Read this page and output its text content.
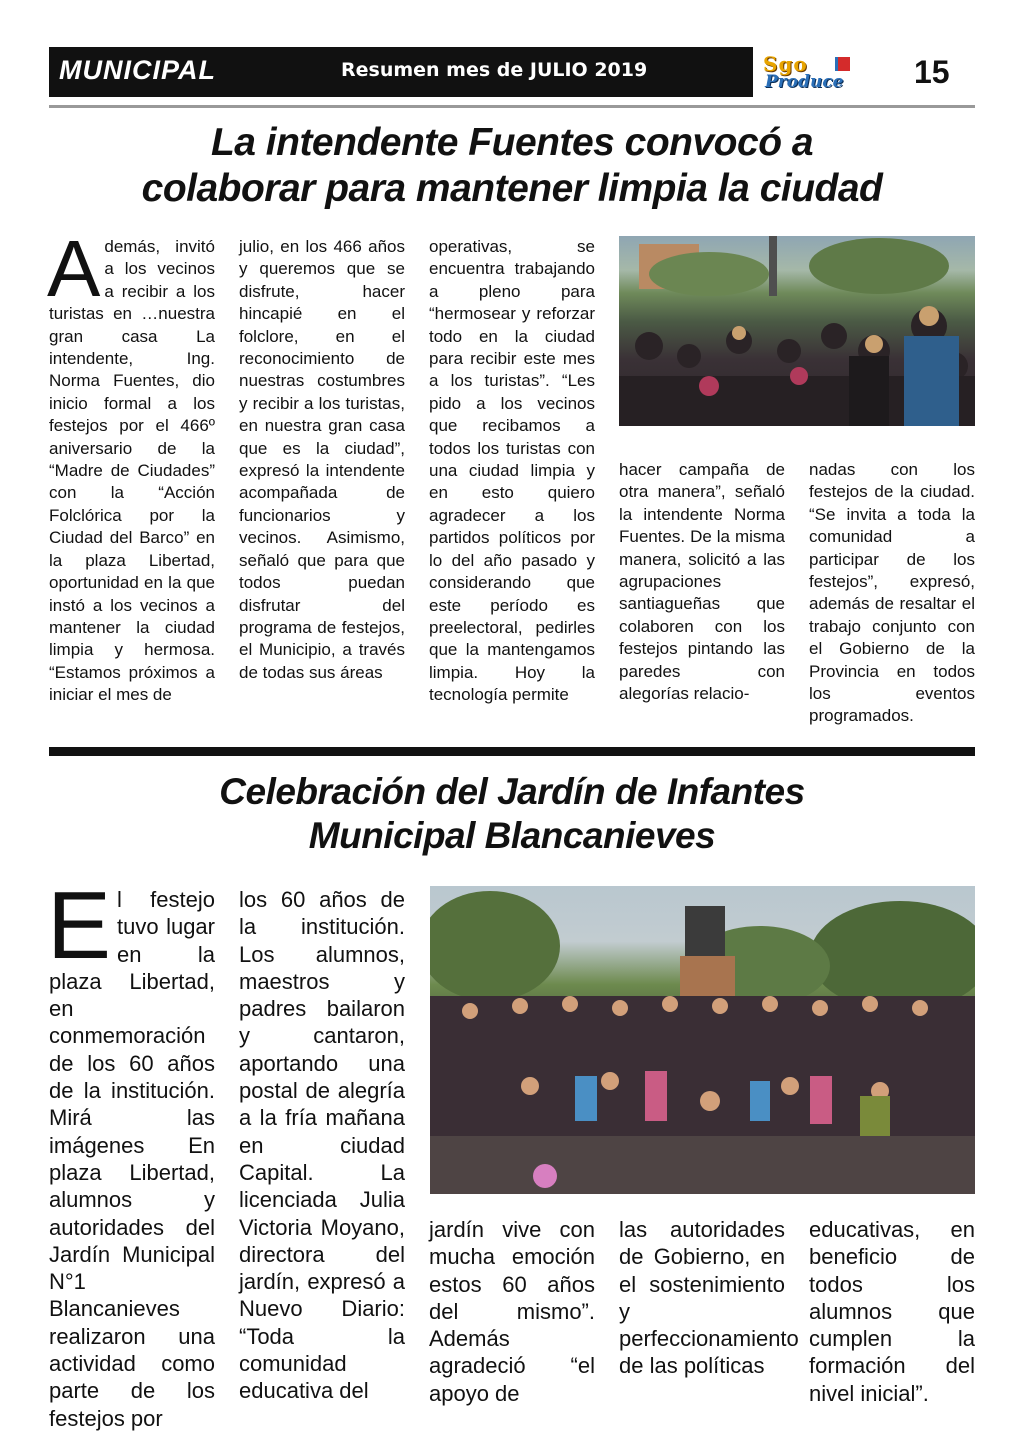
MUNICIPAL	Resumen mes de JULIO 2019	Sgo
Produce 15
La intendente Fuentes convocó a
colaborar para mantener limpia la ciudad
Además, invitó a los vecinos a recibir a los turistas en …nuestra gran casa La intendente, Ing. Norma Fuentes, dio inicio formal a los festejos por el 466º aniversario de la “Madre de Ciudades” con la “Acción Folclórica por la Ciudad del Barco” en la plaza Libertad, oportunidad en la que instó a los vecinos a mantener la ciudad limpia y hermosa. “Estamos próximos a iniciar el mes de
julio, en los 466 años y queremos que se disfrute, hacer hincapié en el folclore, en el reconocimiento de nuestras costumbres y recibir a los turistas, en nuestra gran casa que es la ciudad”, expresó la intendente acompañada de funcionarios y vecinos. Asimismo, señaló que para que todos puedan disfrutar del programa de festejos, el Municipio, a través de todas sus áreas
operativas, se encuentra trabajando a pleno para “hermosear y reforzar todo en la ciudad para recibir este mes a los turistas”. “Les pido a los vecinos que recibamos a todos los turistas con una ciudad limpia y en esto quiero agradecer a los partidos políticos por lo del año pasado y considerando que este período es preelectoral, pedirles que la mantengamos limpia. Hoy la tecnología permite
hacer campaña de otra manera”, señaló la intendente Norma Fuentes. De la misma manera, solicitó a las agrupaciones santiagueñas que colaboren con los festejos pintando las paredes con alegorías relacio-
nadas con los festejos de la ciudad. “Se invita a toda la comunidad a participar de los festejos”, expresó, además de resaltar el trabajo conjunto con el Gobierno de la Provincia en todos los eventos programados.
Celebración del Jardín de Infantes
Municipal Blancanieves
El festejo tuvo lugar en la plaza Libertad, en conmemoración de los 60 años de la institución. Mirá las imágenes En plaza Libertad, alumnos y autoridades del Jardín Municipal N°1 Blancanieves realizaron una actividad como parte de los festejos por
los 60 años de la institución. Los alumnos, maestros y padres bailaron y cantaron, aportando una postal de alegría a la fría mañana en ciudad Capital. La licenciada Julia Victoria Moyano, directora del jardín, expresó a Nuevo Diario: “Toda la comunidad educativa del
jardín vive con mucha emoción estos 60 años del mismo”. Además agradeció “el apoyo de
las autoridades de Gobierno, en el sostenimiento y perfeccionamiento de las políticas
educativas, en beneficio de todos los alumnos que cumplen la formación del nivel inicial”.
